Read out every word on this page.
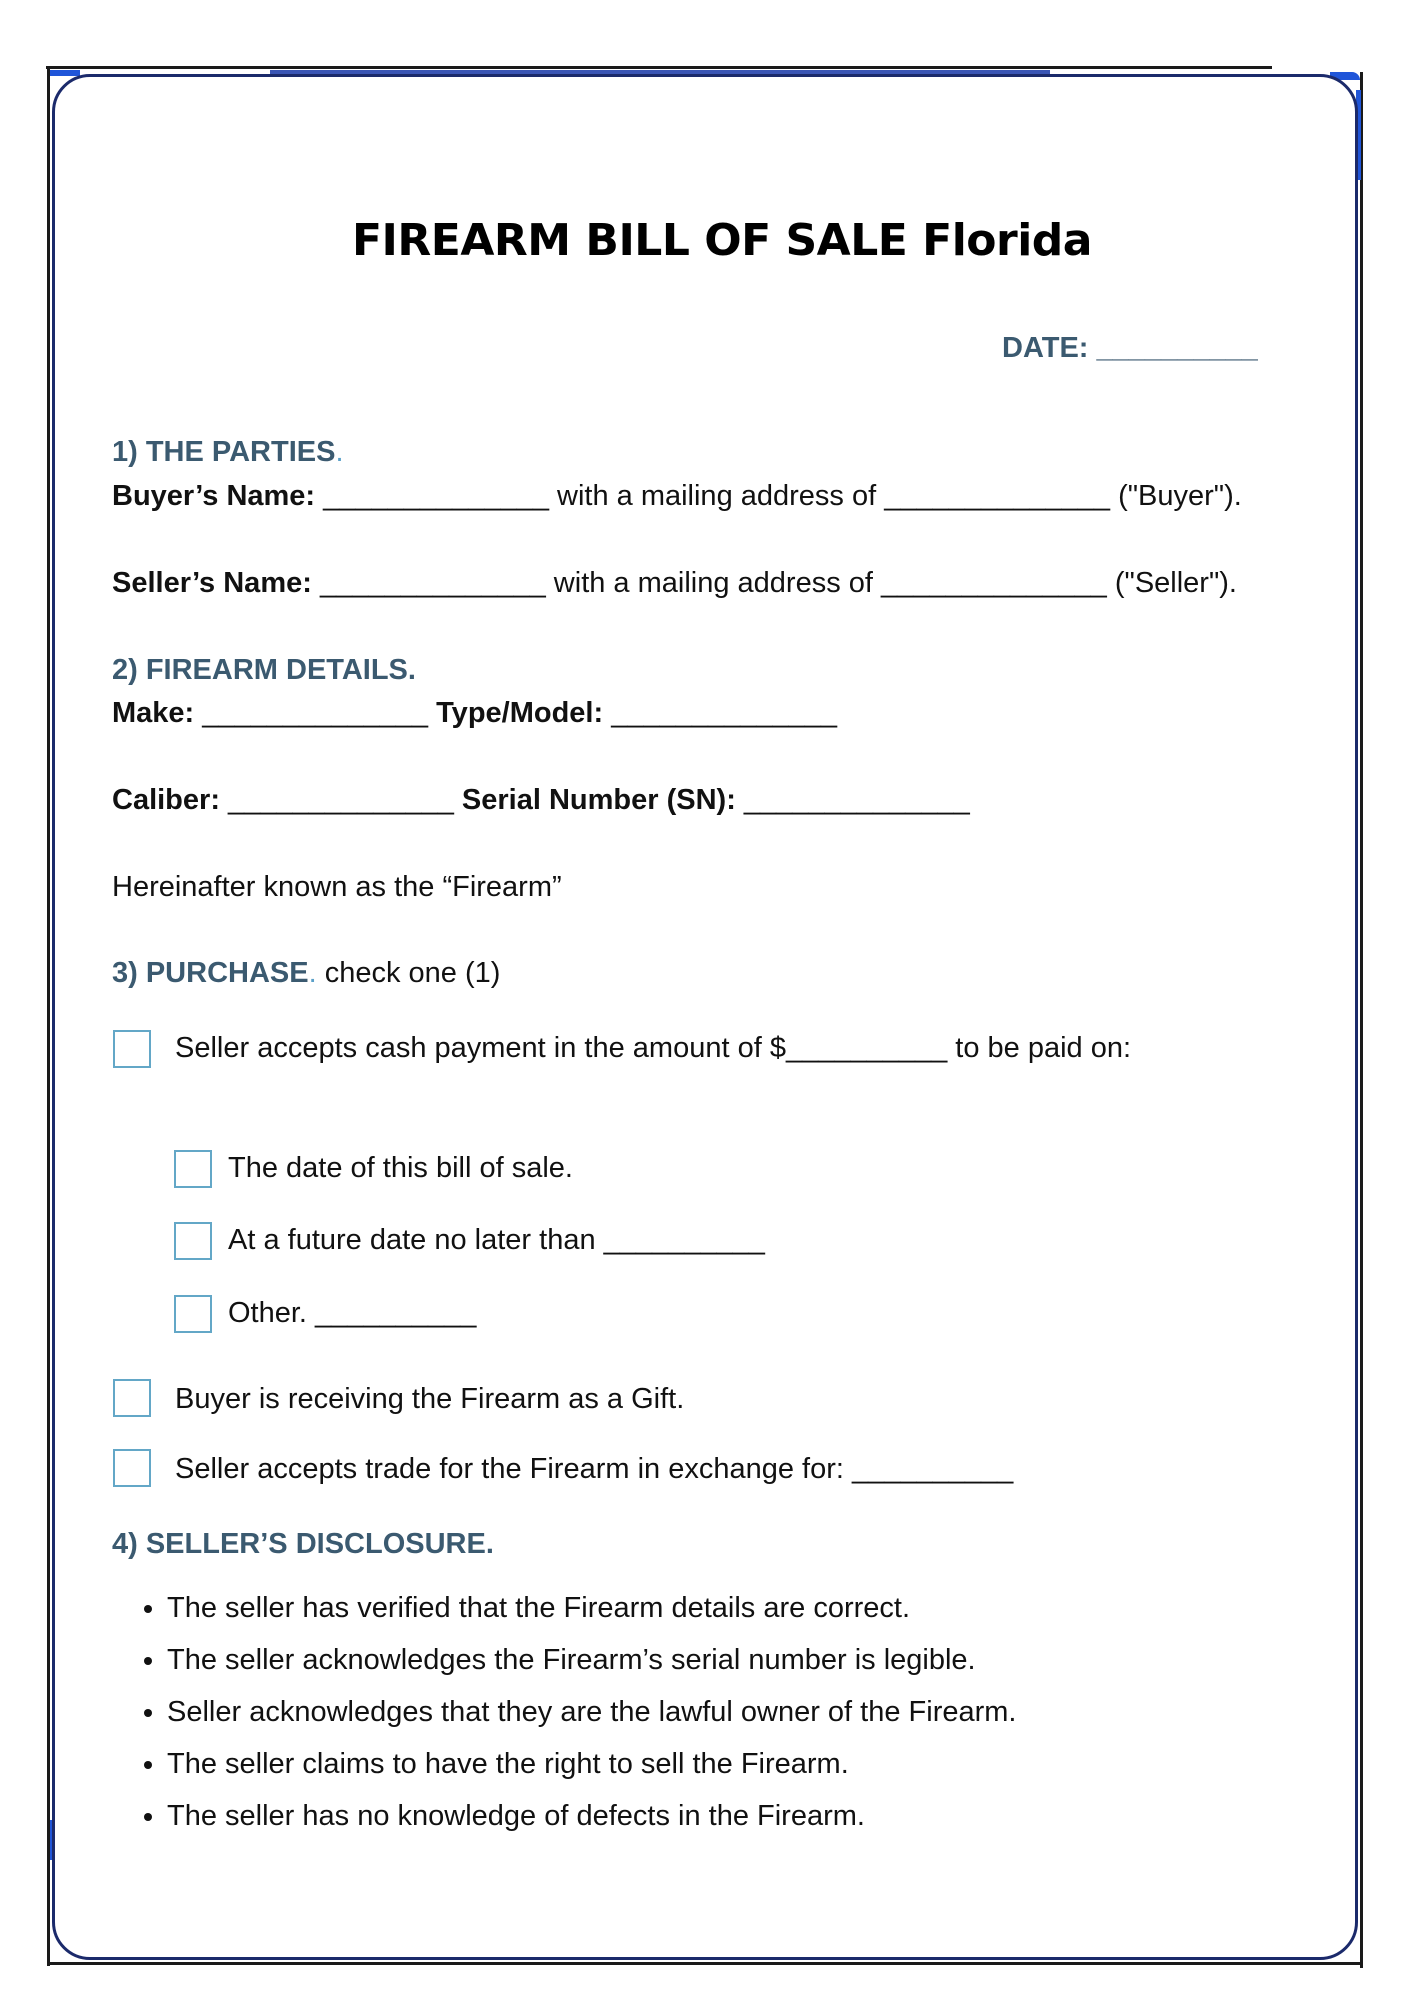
FIREARM BILL OF SALE Florida
DATE: __________
1) THE PARTIES.
Buyer’s Name: ______________ with a mailing address of ______________ ("Buyer").
Seller’s Name: ______________ with a mailing address of ______________ ("Seller").
2) FIREARM DETAILS.
Make: ______________ Type/Model: ______________
Caliber: ______________ Serial Number (SN): ______________
Hereinafter known as the “Firearm”
3) PURCHASE. check one (1)
Seller accepts cash payment in the amount of $__________ to be paid on:
The date of this bill of sale.
At a future date no later than __________
Other. __________
Buyer is receiving the Firearm as a Gift.
Seller accepts trade for the Firearm in exchange for: __________
4) SELLER’S DISCLOSURE.
• The seller has verified that the Firearm details are correct.
• The seller acknowledges the Firearm’s serial number is legible.
• Seller acknowledges that they are the lawful owner of the Firearm.
• The seller claims to have the right to sell the Firearm.
• The seller has no knowledge of defects in the Firearm.
